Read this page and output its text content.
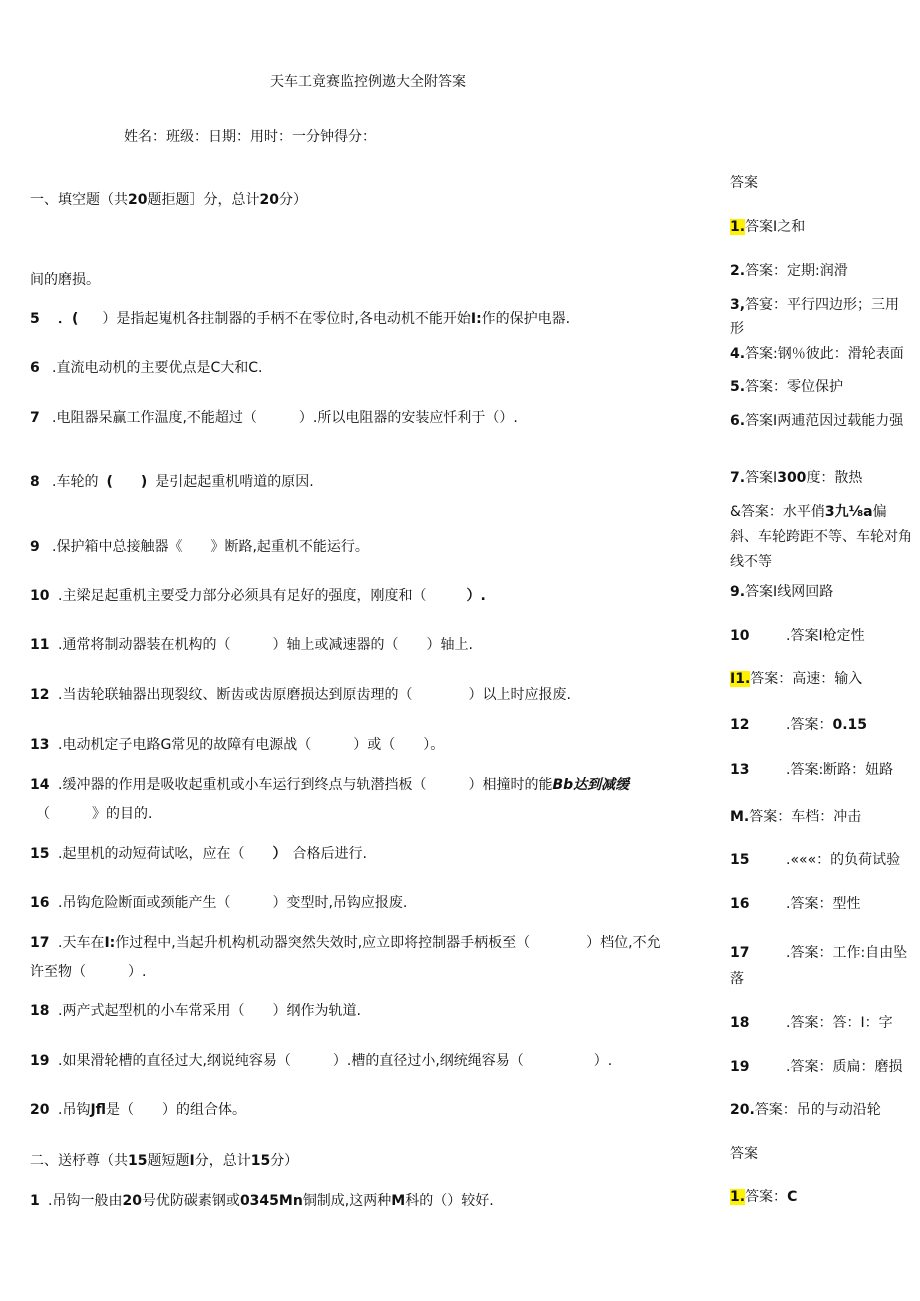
天车工竟赛监控例遨大全附答案
姓名：班级：日期：用时：一分钟得分：
一、填空题（共20题拒题］分，总计20分）
间的磨损。
5 ．( ）是指起嵬机各拄制器的手柄不在零位时,各电动机不能开始I:作的保护电器.
6 .直流电动机的主要优点是C大和C.
7 .电阻器呆赢工作温度,不能超过（　　　）.所以电阻器的安装应忏利于（）.
8 .车轮的 (　　) 是引起起重机啃道的原因.
9 .保护箱中总接触器《　　》断路,起重机不能运行。
10 .主梁足起重机主要受力部分必须具有足好的强度，刚度和（	）.
11 .通常将制动器装在机构的（　　　）轴上或减速器的（　　）轴上.
12 .当齿轮联轴器出现裂纹、断齿或齿原磨损达到原齿理的（　　　　）以上时应报废.
13 .电动机定子电路G常见的故障有电源战（　　　）或（　　）。
14 .缓冲器的作用是吸收起重机或小车运行到终点与轨潜挡板（　　　）相撞时的能Bb达到减缓
（　　　》的目的.
15 .起里机的动短荷试吆，应在（ ） 合格后进行.
16 .吊钩危险断面或颈能产生（　　　）变型时,吊钩应报废.
17 .天车在I:作过程中,当起升机构机动器突然失效时,应立即将控制器手柄板至（　　　　）档位,不允
许至物（　　　）.
18 .两产式起型机的小车常采用（　　）纲作为轨道.
19 .如果滑轮槽的直径过大,纲说纯容易（　　　）.槽的直径过小,纲统绳容易（　　　　　）.
20 .吊钩Jfl是（　　）的组合体。
二、送杼尊（共15题短题I分，总计15分）
1 .吊钩一般由20号优防碳素钢或0345Mn铜制成,这两种M科的（）较好.
答案
1.答案I之和
2.答案：定期:润滑
3,答宴：平行四边形；三用形
4.答案:钢％彼此：滑轮表面
5.答案：零位保护
6.答案I两逋范因过载能力强
7.答案I300度：散热
&答案：水平俏3九⅛a偏斜、车轮跨距不等、车轮对角线不等
9.答案I线网回路
10	.答案I枪定性
I1.答案：高速：输入
12	.答案：0.15
13	.答案:断路：妞路
M.答案：车档：冲击
15	.«««：的负荷试验
16	.答案：型性
17	.答案：工作:自由坠落
18	.答案：答：I：字
19	.答案：质扁：磨损
20.答案：吊的与动沿轮
答案
1.答案：C
